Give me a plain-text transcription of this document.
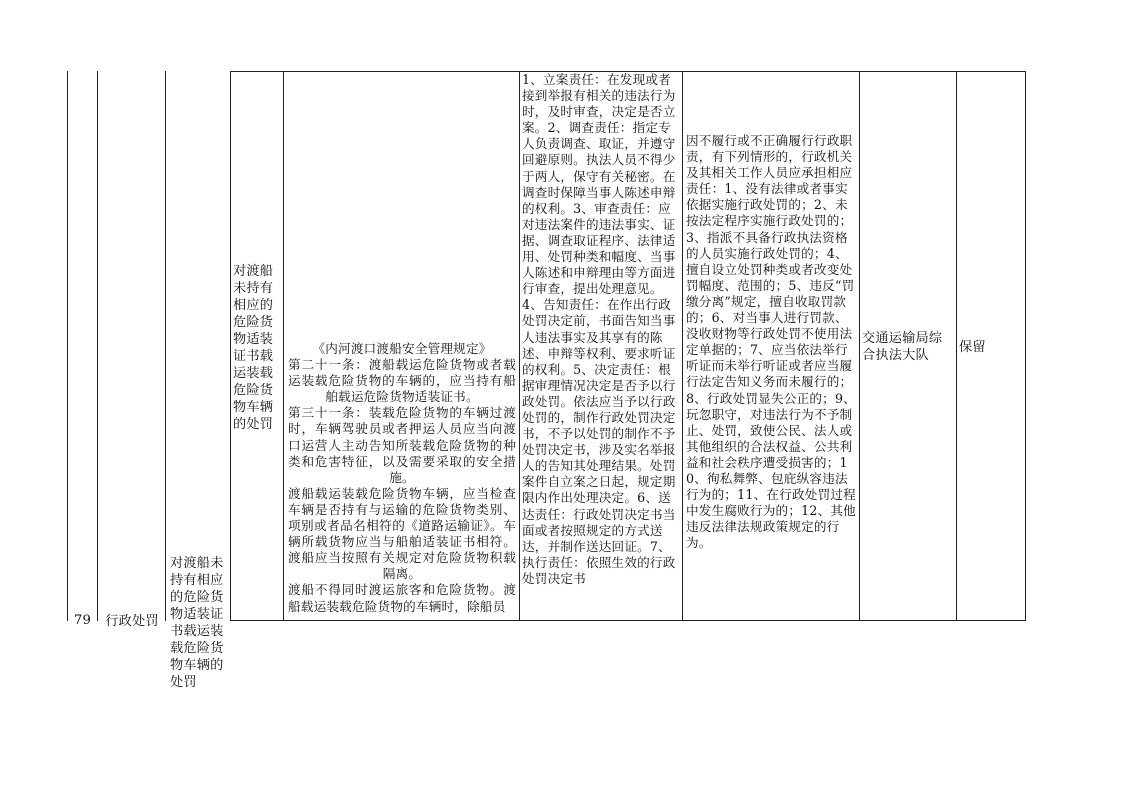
79	行政处罚
对渡船未持有相应的危险货物适装证书载运装载危险货物车辆的处罚
对渡船未持有相应的危险货物适装证书载运装载危险货物车辆的处罚
《内河渡口渡船安全管理规定》
第二十一条：渡船载运危险货物或者载运装载危险货物的车辆的，应当持有船舶载运危险货物适装证书。
第三十一条：装载危险货物的车辆过渡时，车辆驾驶员或者押运人员应当向渡口运营人主动告知所装载危险货物的种类和危害特征，以及需要采取的安全措施。
渡船载运装载危险货物车辆，应当检查车辆是否持有与运输的危险货物类别、项别或者品名相符的《道路运输证》。车辆所载货物应当与船舶适装证书相符。渡船应当按照有关规定对危险货物积载隔离。
渡船不得同时渡运旅客和危险货物。渡船载运装载危险货物的车辆时，除船员
1、立案责任：在发现或者接到举报有相关的违法行为时，及时审查，决定是否立案。2、调查责任：指定专人负责调查、取证，并遵守回避原则。执法人员不得少于两人，保守有关秘密。在调查时保障当事人陈述申辩的权利。3、审查责任：应对违法案件的违法事实、证据、调查取证程序、法律适用、处罚种类和幅度、当事人陈述和申辩理由等方面进行审查，提出处理意见。4、告知责任：在作出行政处罚决定前，书面告知当事人违法事实及其享有的陈述、申辩等权利、要求听证的权利。5、决定责任：根据审理情况决定是否予以行政处罚。依法应当予以行政处罚的，制作行政处罚决定书，不予以处罚的制作不予处罚决定书，涉及实名举报人的告知其处理结果。处罚案件自立案之日起，规定期限内作出处理决定。6、送达责任：行政处罚决定书当面或者按照规定的方式送达，并制作送达回证。7、执行责任：依照生效的行政处罚决定书
因不履行或不正确履行行政职责，有下列情形的，行政机关及其相关工作人员应承担相应责任：1、没有法律或者事实依据实施行政处罚的；2、未按法定程序实施行政处罚的；3、指派不具备行政执法资格的人员实施行政处罚的；4、擅自设立处罚种类或者改变处罚幅度、范围的；5、违反“罚缴分离”规定，擅自收取罚款的；6、对当事人进行罚款、没收财物等行政处罚不使用法定单据的；7、应当依法举行听证而未举行听证或者应当履行法定告知义务而未履行的；8、行政处罚显失公正的；9、玩忽职守，对违法行为不予制止、处罚，致使公民、法人或其他组织的合法权益、公共利益和社会秩序遭受损害的；10、徇私舞弊、包庇纵容违法行为的；11、在行政处罚过程中发生腐败行为的；12、其他违反法律法规政策规定的行为。
交通运输局综合执法大队
保留
